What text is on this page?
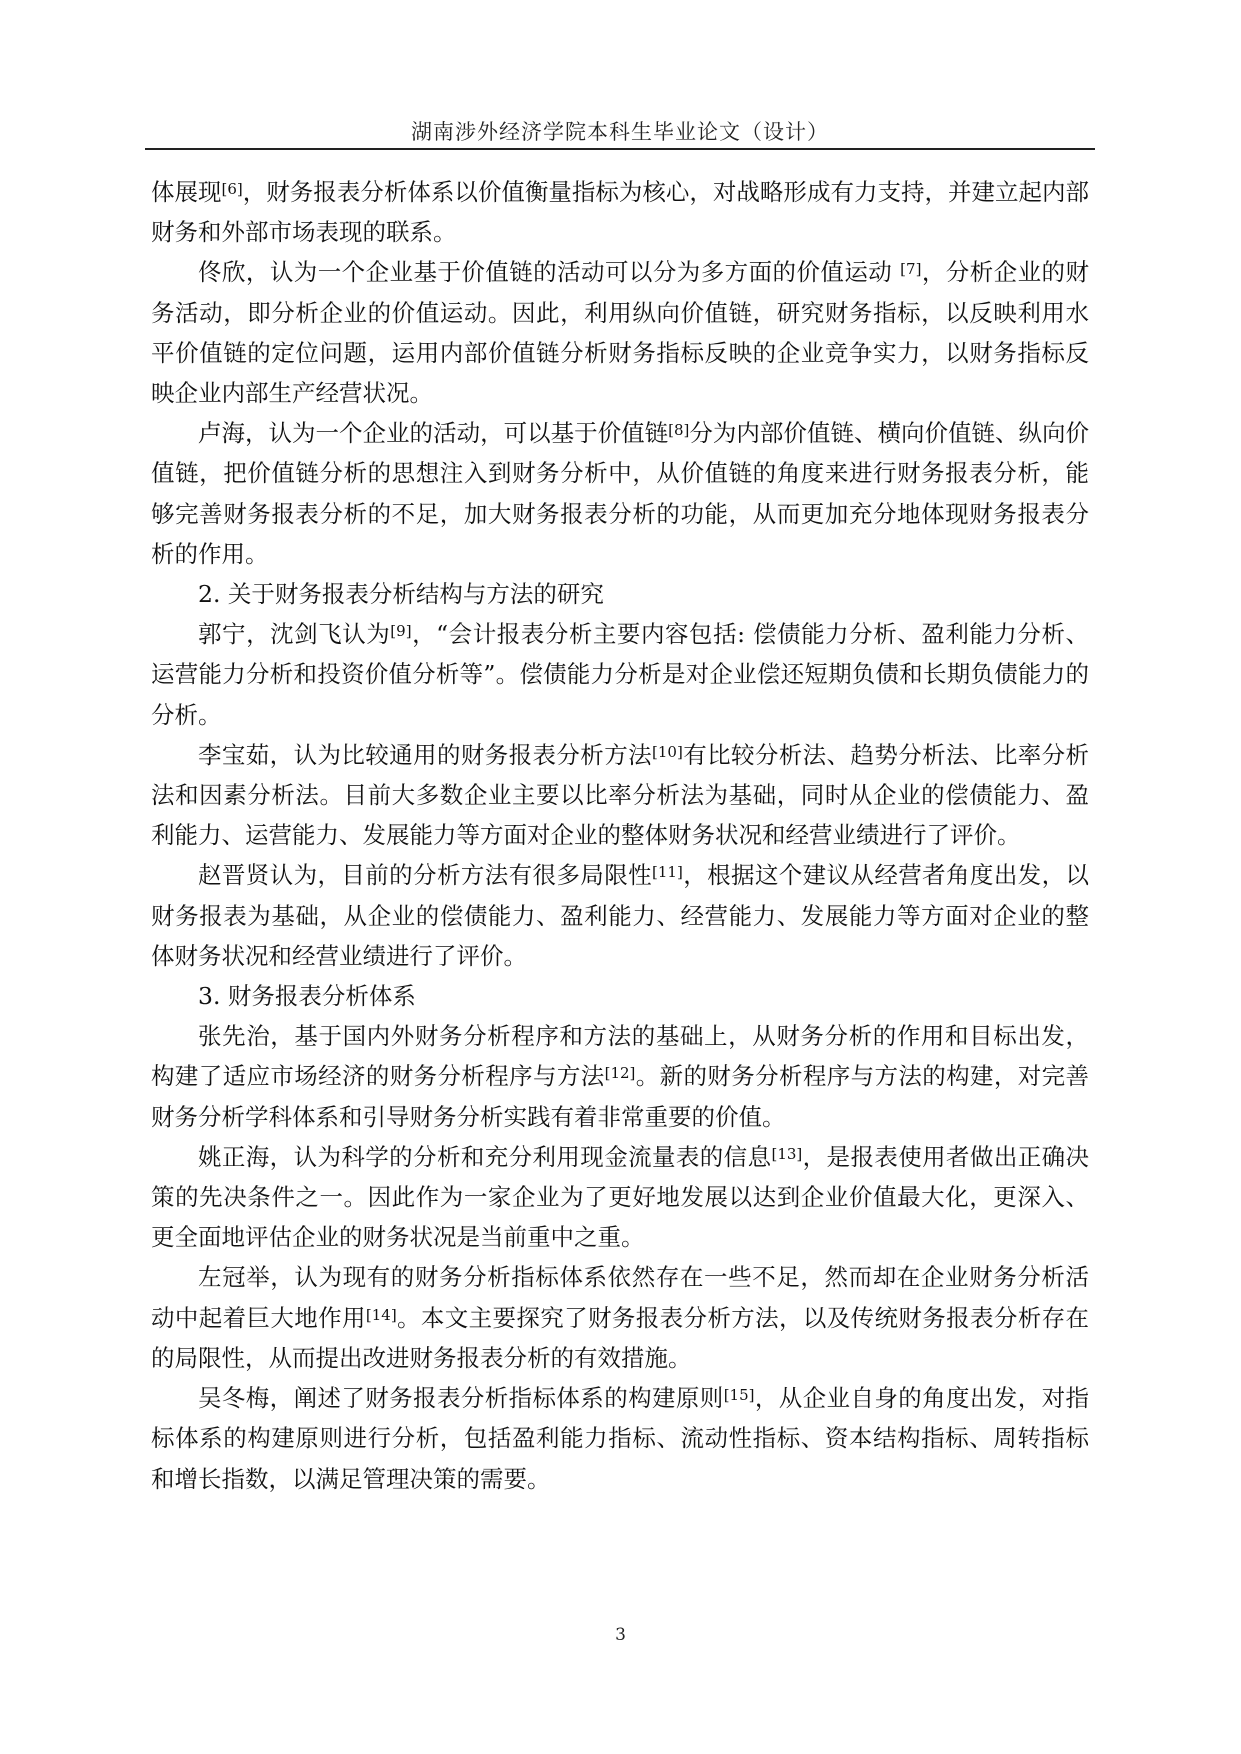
湖南涉外经济学院本科生毕业论文（设计）

体展现[6]，财务报表分析体系以价值衡量指标为核心，对战略形成有力支持，并建立起内部财务和外部市场表现的联系。

佟欣，认为一个企业基于价值链的活动可以分为多方面的价值运动 [7]，分析企业的财务活动，即分析企业的价值运动。因此，利用纵向价值链，研究财务指标，以反映利用水平价值链的定位问题，运用内部价值链分析财务指标反映的企业竞争实力，以财务指标反映企业内部生产经营状况。

卢海，认为一个企业的活动，可以基于价值链[8]分为内部价值链、横向价值链、纵向价值链，把价值链分析的思想注入到财务分析中，从价值链的角度来进行财务报表分析，能够完善财务报表分析的不足，加大财务报表分析的功能，从而更加充分地体现财务报表分析的作用。

2. 关于财务报表分析结构与方法的研究

郭宁，沈剑飞认为[9]，“会计报表分析主要内容包括: 偿债能力分析、盈利能力分析、运营能力分析和投资价值分析等”。偿债能力分析是对企业偿还短期负债和长期负债能力的分析。

李宝茹，认为比较通用的财务报表分析方法[10]有比较分析法、趋势分析法、比率分析法和因素分析法。目前大多数企业主要以比率分析法为基础，同时从企业的偿债能力、盈利能力、运营能力、发展能力等方面对企业的整体财务状况和经营业绩进行了评价。

赵晋贤认为，目前的分析方法有很多局限性[11]，根据这个建议从经营者角度出发，以财务报表为基础，从企业的偿债能力、盈利能力、经营能力、发展能力等方面对企业的整体财务状况和经营业绩进行了评价。

3. 财务报表分析体系

张先治，基于国内外财务分析程序和方法的基础上，从财务分析的作用和目标出发，构建了适应市场经济的财务分析程序与方法[12]。新的财务分析程序与方法的构建，对完善财务分析学科体系和引导财务分析实践有着非常重要的价值。

姚正海，认为科学的分析和充分利用现金流量表的信息[13]，是报表使用者做出正确决策的先决条件之一。因此作为一家企业为了更好地发展以达到企业价值最大化，更深入、更全面地评估企业的财务状况是当前重中之重。

左冠举，认为现有的财务分析指标体系依然存在一些不足，然而却在企业财务分析活动中起着巨大地作用[14]。本文主要探究了财务报表分析方法，以及传统财务报表分析存在的局限性，从而提出改进财务报表分析的有效措施。

吴冬梅，阐述了财务报表分析指标体系的构建原则[15]，从企业自身的角度出发，对指标体系的构建原则进行分析，包括盈利能力指标、流动性指标、资本结构指标、周转指标和增长指数，以满足管理决策的需要。

3
